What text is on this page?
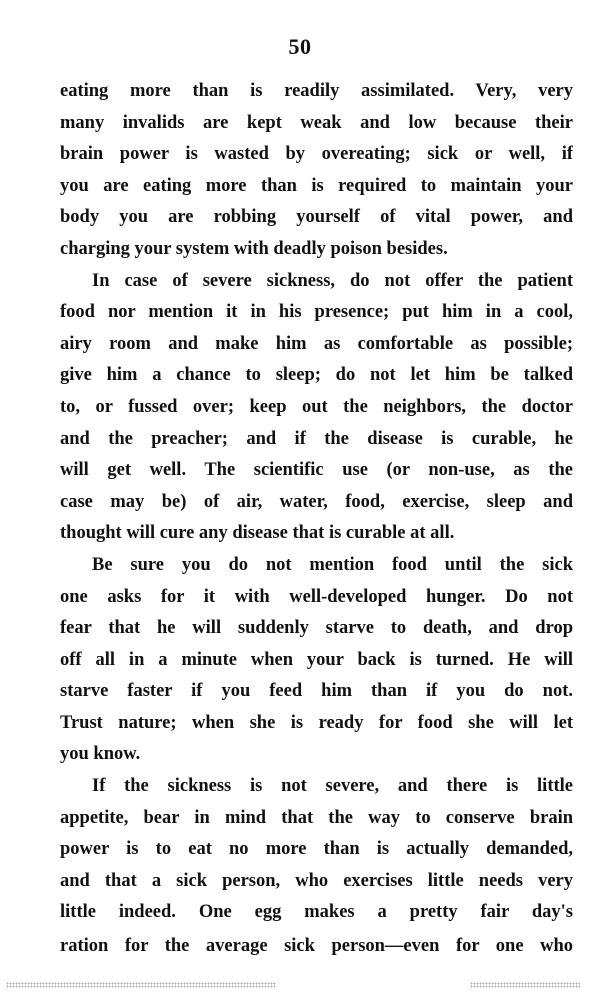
50
eating more than is readily assimilated. Very, very
many invalids are kept weak and low because their
brain power is wasted by overeating; sick or well, if
you are eating more than is required to maintain your
body you are robbing yourself of vital power, and
charging your system with deadly poison besides.
In case of severe sickness, do not offer the patient
food nor mention it in his presence; put him in a cool,
airy room and make him as comfortable as possible;
give him a chance to sleep; do not let him be talked
to, or fussed over; keep out the neighbors, the doctor
and the preacher; and if the disease is curable, he
will get well. The scientific use (or non-use, as the
case may be) of air, water, food, exercise, sleep and
thought will cure any disease that is curable at all.
Be sure you do not mention food until the sick
one asks for it with well-developed hunger. Do not
fear that he will suddenly starve to death, and drop
off all in a minute when your back is turned. He will
starve faster if you feed him than if you do not.
Trust nature; when she is ready for food she will let
you know.
If the sickness is not severe, and there is little
appetite, bear in mind that the way to conserve brain
power is to eat no more than is actually demanded,
and that a sick person, who exercises little needs very
little indeed. One egg makes a pretty fair day's
ration for the average sick person—even for one who
